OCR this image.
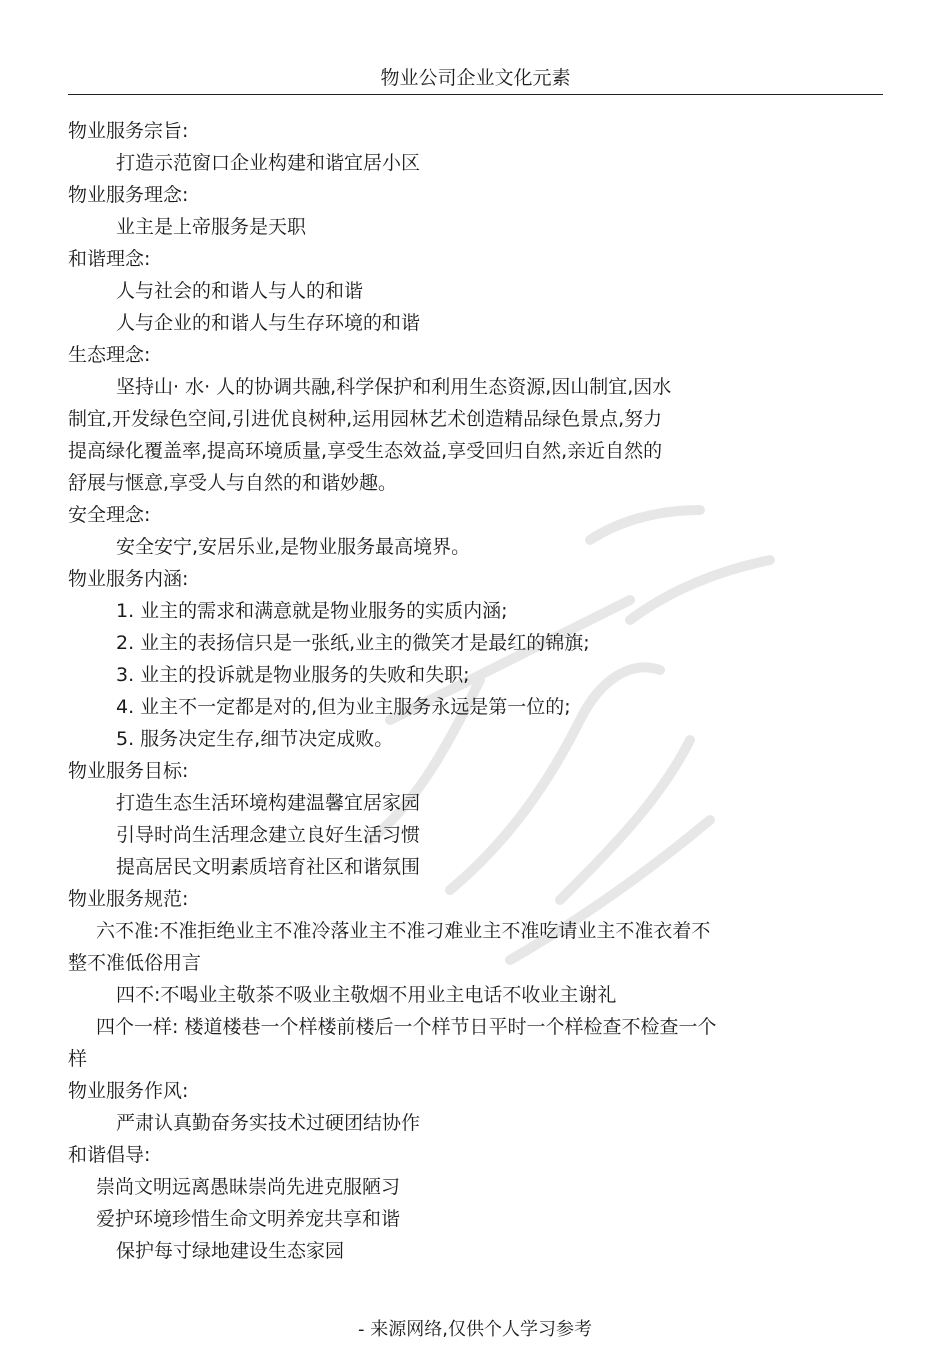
物业公司企业文化元素
物业服务宗旨:
打造示范窗口企业构建和谐宜居小区
物业服务理念:
业主是上帝服务是天职
和谐理念:
人与社会的和谐人与人的和谐
人与企业的和谐人与生存环境的和谐
生态理念:
坚持山· 水· 人的协调共融,科学保护和利用生态资源,因山制宜,因水
制宜,开发绿色空间,引进优良树种,运用园林艺术创造精品绿色景点,努力
提高绿化覆盖率,提高环境质量,享受生态效益,享受回归自然,亲近自然的
舒展与惬意,享受人与自然的和谐妙趣。
安全理念:
安全安宁,安居乐业,是物业服务最高境界。
物业服务内涵:
1. 业主的需求和满意就是物业服务的实质内涵;
2. 业主的表扬信只是一张纸,业主的微笑才是最红的锦旗;
3. 业主的投诉就是物业服务的失败和失职;
4. 业主不一定都是对的,但为业主服务永远是第一位的;
5. 服务决定生存,细节决定成败。
物业服务目标:
打造生态生活环境构建温馨宜居家园
引导时尚生活理念建立良好生活习惯
提高居民文明素质培育社区和谐氛围
物业服务规范:
六不准:不准拒绝业主不准冷落业主不准刁难业主不准吃请业主不准衣着不
整不准低俗用言
四不:不喝业主敬茶不吸业主敬烟不用业主电话不收业主谢礼
四个一样: 楼道楼巷一个样楼前楼后一个样节日平时一个样检查不检查一个
样
物业服务作风:
严肃认真勤奋务实技术过硬团结协作
和谐倡导:
崇尚文明远离愚昧崇尚先进克服陋习
爱护环境珍惜生命文明养宠共享和谐
保护每寸绿地建设生态家园
- 来源网络,仅供个人学习参考
